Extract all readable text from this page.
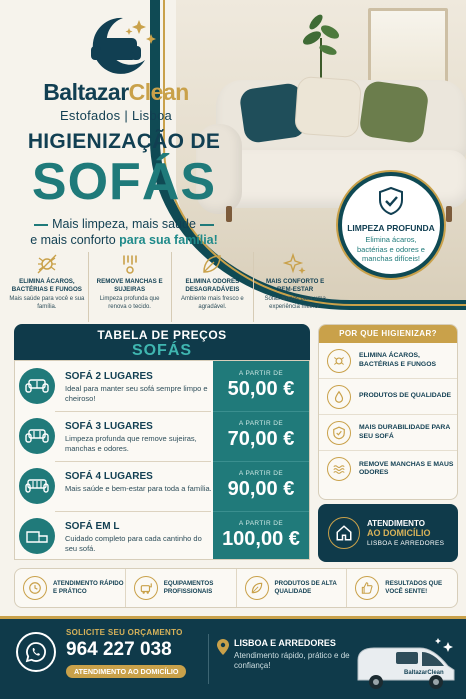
BaltazarClean
Estofados | Lisboa
HIGIENIZAÇÃO DE
SOFÁS
Mais limpeza, mais saúde
e mais conforto para sua família!
LIMPEZA PROFUNDA
Elimina ácaros, bactérias e odores e manchas difíceis!
ELIMINA ÁCAROS, BACTÉRIAS E FUNGOS
Mais saúde para você e sua família.
REMOVE MANCHAS E SUJEIRAS
Limpeza profunda que renova o tecido.
ELIMINA ODORES DESAGRADÁVEIS
Ambiente mais fresco e agradável.
MAIS CONFORTO E BEM-ESTAR
Sofás limpos para uma experiência melhor.
TABELA DE PREÇOS
SOFÁS
SOFÁ 2 LUGARES
Ideal para manter seu sofá sempre limpo e cheiroso!
A PARTIR DE
50,00 €
SOFÁ 3 LUGARES
Limpeza profunda que remove sujeiras, manchas e odores.
A PARTIR DE
70,00 €
SOFÁ 4 LUGARES
Mais saúde e bem-estar para toda a família.
A PARTIR DE
90,00 €
SOFÁ EM L
Cuidado completo para cada cantinho do seu sofá.
A PARTIR DE
100,00 €
POR QUE HIGIENIZAR?
ELIMINA ÁCAROS, BACTÉRIAS E FUNGOS
PRODUTOS DE QUALIDADE
MAIS DURABILIDADE PARA SEU SOFÁ
REMOVE MANCHAS E MAUS ODORES
ATENDIMENTO
AO DOMICÍLIO
LISBOA E ARREDORES
ATENDIMENTO RÁPIDO E PRÁTICO
EQUIPAMENTOS PROFISSIONAIS
PRODUTOS DE ALTA QUALIDADE
RESULTADOS QUE VOCÊ SENTE!
SOLICITE SEU ORÇAMENTO
964 227 038
ATENDIMENTO AO DOMICÍLIO
LISBOA E ARREDORES
Atendimento rápido, prático e de confiança!
BaltazarClean
